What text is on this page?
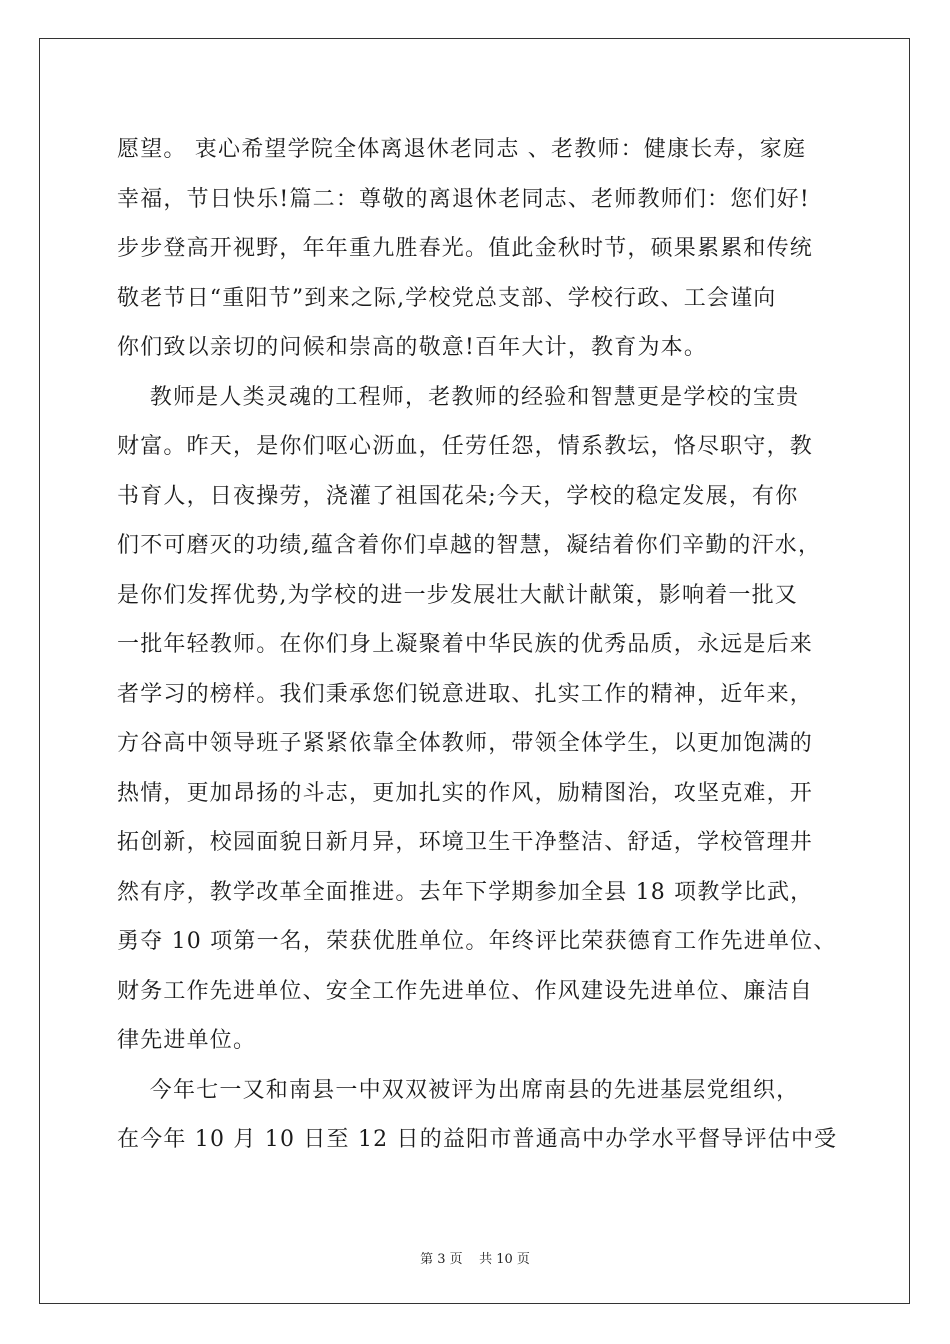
愿望。 衷心希望学院全体离退休老同志 、老教师：健康长寿，家庭
幸福，节日快乐!篇二：尊敬的离退休老同志、老师教师们：您们好!
步步登高开视野，年年重九胜春光。值此金秋时节，硕果累累和传统
敬老节日“重阳节”到来之际,学校党总支部、学校行政、工会谨向
你们致以亲切的问候和崇高的敬意!百年大计，教育为本。
教师是人类灵魂的工程师，老教师的经验和智慧更是学校的宝贵
财富。昨天，是你们呕心沥血，任劳任怨，情系教坛，恪尽职守，教
书育人，日夜操劳，浇灌了祖国花朵;今天，学校的稳定发展，有你
们不可磨灭的功绩,蕴含着你们卓越的智慧，凝结着你们辛勤的汗水，
是你们发挥优势,为学校的进一步发展壮大献计献策，影响着一批又
一批年轻教师。在你们身上凝聚着中华民族的优秀品质，永远是后来
者学习的榜样。我们秉承您们锐意进取、扎实工作的精神，近年来，
方谷高中领导班子紧紧依靠全体教师，带领全体学生，以更加饱满的
热情，更加昂扬的斗志，更加扎实的作风，励精图治，攻坚克难，开
拓创新，校园面貌日新月异，环境卫生干净整洁、舒适，学校管理井
然有序，教学改革全面推进。去年下学期参加全县 18 项教学比武，
勇夺 10 项第一名，荣获优胜单位。年终评比荣获德育工作先进单位、
财务工作先进单位、安全工作先进单位、作风建设先进单位、廉洁自
律先进单位。
今年七一又和南县一中双双被评为出席南县的先进基层党组织，
在今年 10 月 10 日至 12 日的益阳市普通高中办学水平督导评估中受
第 3 页    共 10 页
